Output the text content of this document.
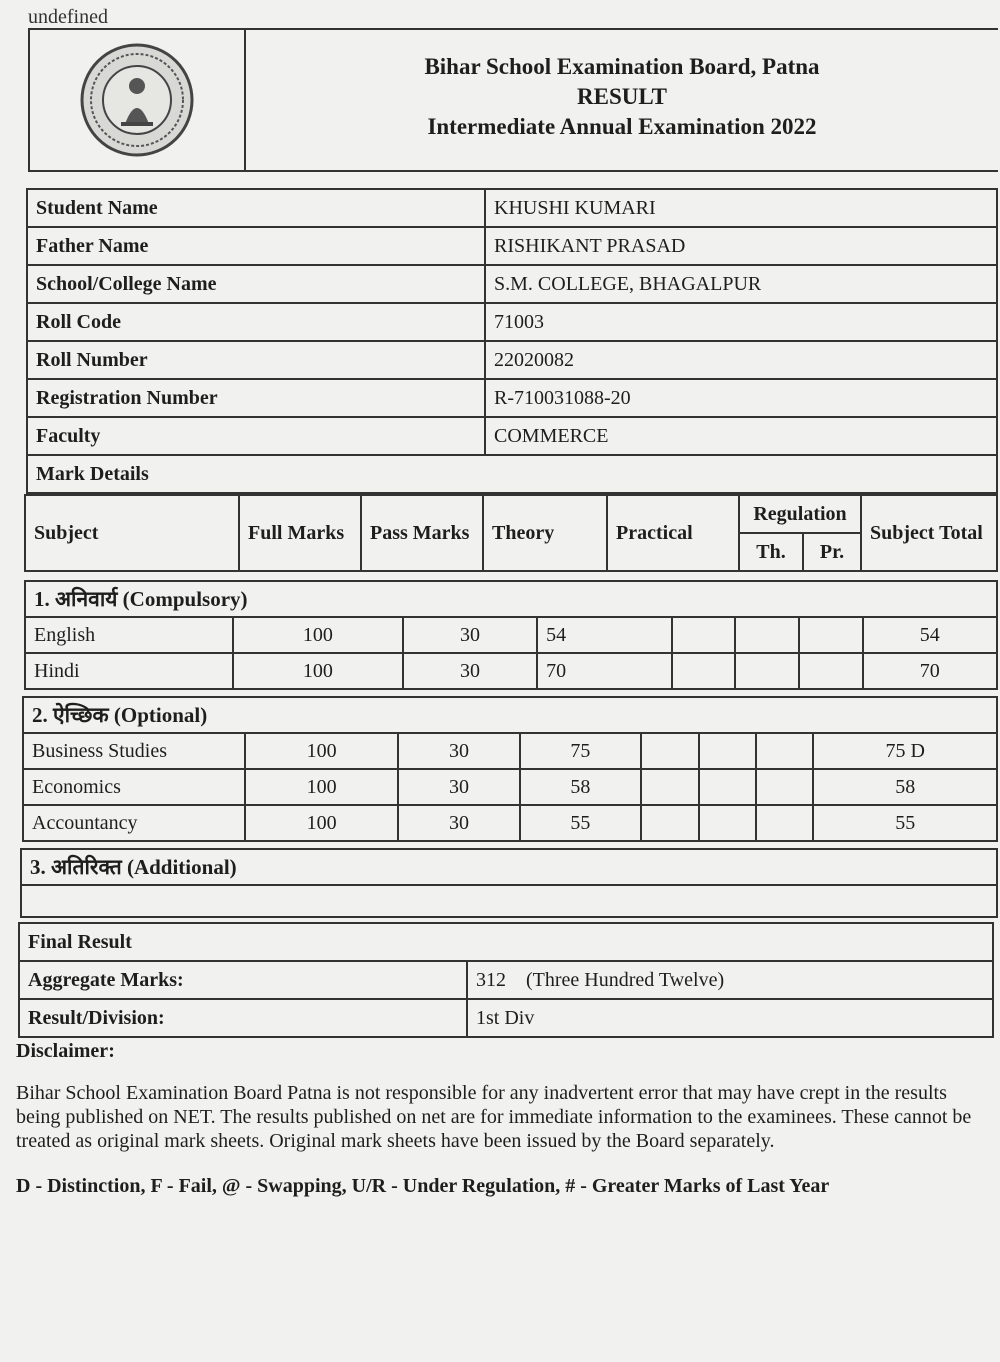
undefined
Bihar School Examination Board, Patna
RESULT
Intermediate Annual Examination 2022
Student Name	KHUSHI KUMARI
Father Name	RISHIKANT PRASAD
School/College Name	S.M. COLLEGE, BHAGALPUR
Roll Code	71003
Roll Number	22020082
Registration Number	R-710031088-20
Faculty	COMMERCE
Mark Details	
Subject	Full Marks	Pass Marks	Theory	Practical	Regulation		Subject Total
					Th.	Pr.	
1. अनिवार्य (Compulsory)							
English	100	30	54				54
Hindi	100	30	70				70
2. ऐच्छिक (Optional)							
Business Studies	100	30	75				75 D
Economics	100	30	58				58
Accountancy	100	30	55				55
3. अतिरिक्त (Additional)

Final Result	
Aggregate Marks:	312    (Three Hundred Twelve)
Result/Division:	1st Div
Disclaimer:
Bihar School Examination Board Patna is not responsible for any inadvertent error that may have crept in the results being published on NET. The results published on net are for immediate information to the examinees. These cannot be treated as original mark sheets. Original mark sheets have been issued by the Board separately.
D - Distinction, F - Fail, @ - Swapping, U/R - Under Regulation, # - Greater Marks of Last Year
